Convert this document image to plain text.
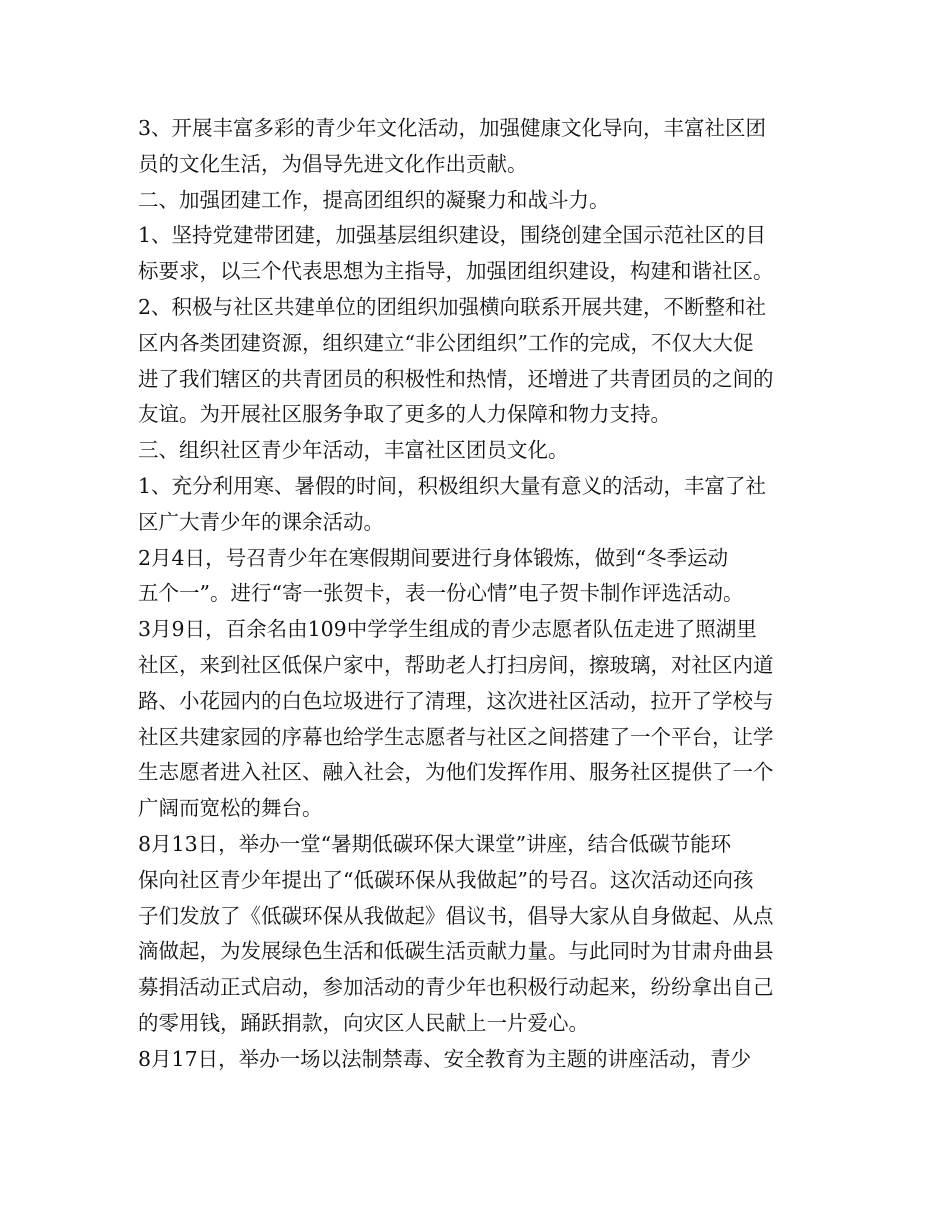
3、开展丰富多彩的青少年文化活动，加强健康文化导向，丰富社区团
员的文化生活，为倡导先进文化作出贡献。
二、加强团建工作，提高团组织的凝聚力和战斗力。
1、坚持党建带团建，加强基层组织建设，围绕创建全国示范社区的目
标要求，以三个代表思想为主指导，加强团组织建设，构建和谐社区。
2、积极与社区共建单位的团组织加强横向联系开展共建，不断整和社
区内各类团建资源，组织建立“非公团组织”工作的完成，不仅大大促
进了我们辖区的共青团员的积极性和热情，还增进了共青团员的之间的
友谊。为开展社区服务争取了更多的人力保障和物力支持。
三、组织社区青少年活动，丰富社区团员文化。
1、充分利用寒、暑假的时间，积极组织大量有意义的活动，丰富了社
区广大青少年的课余活动。
2月4日，号召青少年在寒假期间要进行身体锻炼，做到“冬季运动
五个一”。进行“寄一张贺卡，表一份心情”电子贺卡制作评选活动。
3月9日，百余名由109中学学生组成的青少志愿者队伍走进了照湖里
社区，来到社区低保户家中，帮助老人打扫房间，擦玻璃，对社区内道
路、小花园内的白色垃圾进行了清理，这次进社区活动，拉开了学校与
社区共建家园的序幕也给学生志愿者与社区之间搭建了一个平台，让学
生志愿者进入社区、融入社会，为他们发挥作用、服务社区提供了一个
广阔而宽松的舞台。
8月13日，举办一堂“暑期低碳环保大课堂”讲座，结合低碳节能环
保向社区青少年提出了“低碳环保从我做起”的号召。这次活动还向孩
子们发放了《低碳环保从我做起》倡议书，倡导大家从自身做起、从点
滴做起，为发展绿色生活和低碳生活贡献力量。与此同时为甘肃舟曲县
募捐活动正式启动，参加活动的青少年也积极行动起来，纷纷拿出自己
的零用钱，踊跃捐款，向灾区人民献上一片爱心。
8月17日，举办一场以法制禁毒、安全教育为主题的讲座活动，青少
